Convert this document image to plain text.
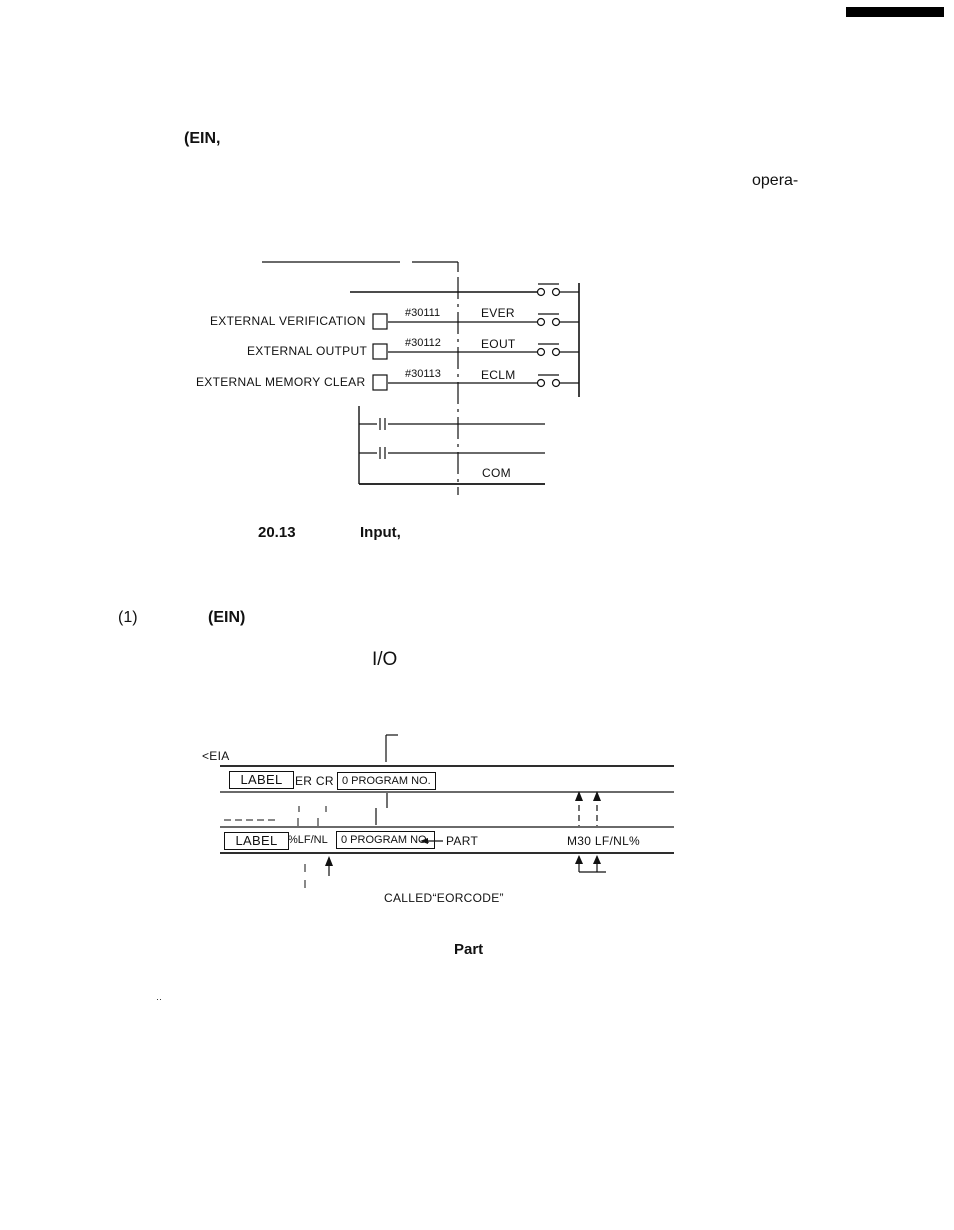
(EIN,
opera-
EXTERNAL VERIFICATION
EXTERNAL OUTPUT
EXTERNAL MEMORY CLEAR
#30111
#30112
#30113
EVER
EOUT
ECLM
COM
20.13	Input,
(1)	(EIN)
I/O
<EIA
LABEL	ER CR 0 PROGRAM NO.
LABEL %LF/NL	0 PROGRAM NO.	PART	M30 LF/NL%
CALLED“EORCODE”
Part
··
